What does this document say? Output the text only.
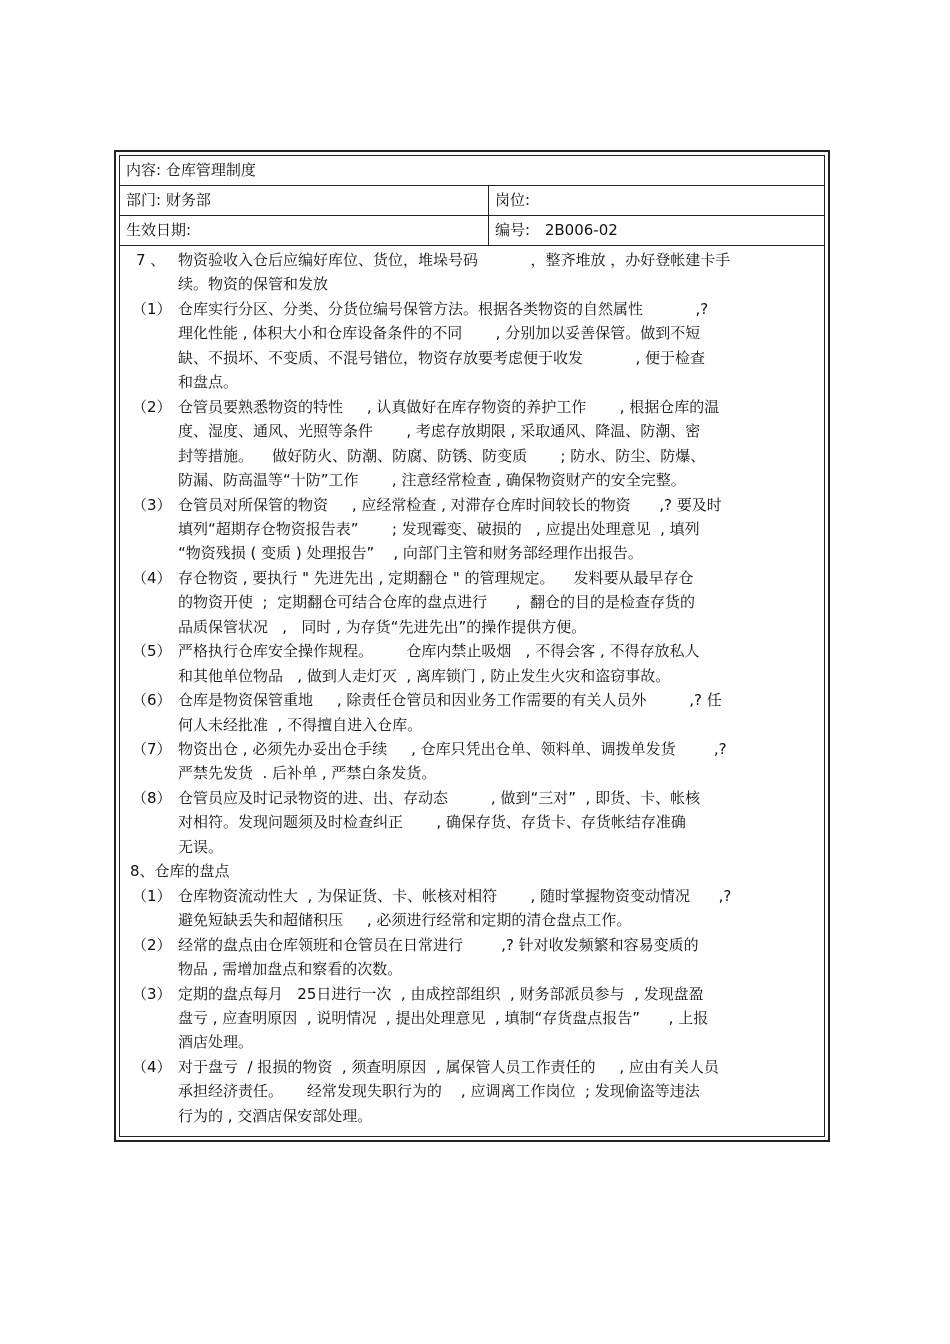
内容: 仓库管理制度
部门: 财务部	岗位:
生效日期:	编号: 2B006-02
7 、 物资验收入仓后应编好库位、货位，堆垛号码           ，整齐堆放 ，办好登帐建卡手
续。物资的保管和发放
（1） 仓库实行分区、分类、分货位编号保管方法。根据各类物资的自然属性           ,?
理化性能 , 体积大小和仓库设备条件的不同       , 分别加以妥善保管。做到不短
缺、不损坏、不变质、不混号错位，物资存放要考虑便于收发           , 便于检查
和盘点。
（2） 仓管员要熟悉物资的特性     , 认真做好在库存物资的养护工作       , 根据仓库的温
度、湿度、通风、光照等条件       , 考虑存放期限 , 采取通风、降温、防潮、密
封等措施。    做好防火、防潮、防腐、防锈、防变质       ; 防水、防尘、防爆、
防漏、防高温等“十防”工作       , 注意经常检查 , 确保物资财产的安全完整。
（3） 仓管员对所保管的物资     , 应经常检查 , 对滞存仓库时间较长的物资      ,? 要及时
填列“超期存仓物资报告表”       ; 发现霉变、破损的   , 应提出处理意见  , 填列
“物资残损 ( 变质 ) 处理报告”    , 向部门主管和财务部经理作出报告。
（4） 存仓物资 , 要执行 " 先进先出 , 定期翻仓 " 的管理规定。    发料要从最早存仓
的物资开使  ;  定期翻仓可结合仓库的盘点进行      ,  翻仓的目的是检查存货的
品质保管状况   ,   同时 , 为存货“先进先出”的操作提供方便。
（5） 严格执行仓库安全操作规程。       仓库内禁止吸烟   , 不得会客 , 不得存放私人
和其他单位物品   , 做到人走灯灭  , 离库锁门 , 防止发生火灾和盗窃事故。
（6） 仓库是物资保管重地     , 除责任仓管员和因业务工作需要的有关人员外         ,? 任
何人未经批准  , 不得擅自进入仓库。
（7） 物资出仓 , 必须先办妥出仓手续     , 仓库只凭出仓单、领料单、调拨单发货        ,?
严禁先发货  . 后补单 , 严禁白条发货。
（8） 仓管员应及时记录物资的进、出、存动态         , 做到“三对”  , 即货、卡、帐核
对相符。发现问题须及时检查纠正       , 确保存货、存货卡、存货帐结存准确
无误。
8、仓库的盘点
（1） 仓库物资流动性大  , 为保证货、卡、帐核对相符       , 随时掌握物资变动情况      ,?
避免短缺丢失和超储积压     , 必须进行经常和定期的清仓盘点工作。
（2） 经常的盘点由仓库领班和仓管员在日常进行        ,? 针对收发频繁和容易变质的
物品 , 需增加盘点和察看的次数。
（3） 定期的盘点每月   25日进行一次  , 由成控部组织  , 财务部派员参与  , 发现盘盈
盘亏 , 应查明原因  , 说明情况  , 提出处理意见  , 填制“存货盘点报告”      , 上报
酒店处理。
（4） 对于盘亏  / 报损的物资  , 须查明原因  , 属保管人员工作责任的     , 应由有关人员
承担经济责任。     经常发现失职行为的    , 应调离工作岗位  ; 发现偷盗等违法
行为的 , 交酒店保安部处理。
